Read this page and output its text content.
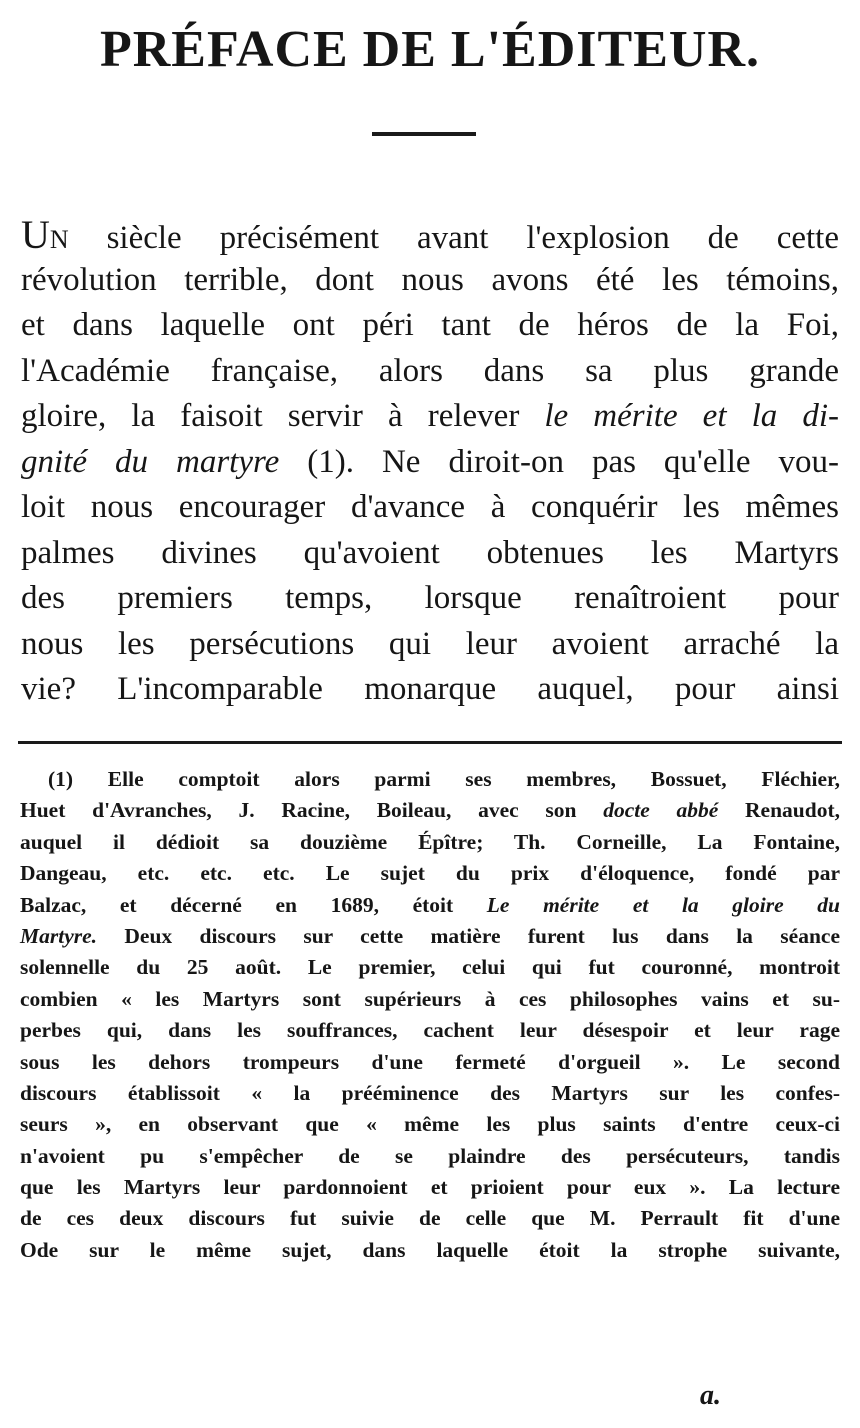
PRÉFACE DE L'ÉDITEUR.
UN siècle précisément avant l'explosion de cette
révolution terrible, dont nous avons été les témoins,
et dans laquelle ont péri tant de héros de la Foi,
l'Académie française, alors dans sa plus grande
gloire, la faisoit servir à relever le mérite et la di-
gnité du martyre (1). Ne diroit-on pas qu'elle vou-
loit nous encourager d'avance à conquérir les mêmes
palmes divines qu'avoient obtenues les Martyrs
des premiers temps, lorsque renaîtroient pour
nous les persécutions qui leur avoient arraché la
vie? L'incomparable monarque auquel, pour ainsi
(1) Elle comptoit alors parmi ses membres, Bossuet, Fléchier,
Huet d'Avranches, J. Racine, Boileau, avec son docte abbé Renaudot,
auquel il dédioit sa douzième Épître; Th. Corneille, La Fontaine,
Dangeau, etc. etc. etc. Le sujet du prix d'éloquence, fondé par
Balzac, et décerné en 1689, étoit Le mérite et la gloire du
Martyre. Deux discours sur cette matière furent lus dans la séance
solennelle du 25 août. Le premier, celui qui fut couronné, montroit
combien « les Martyrs sont supérieurs à ces philosophes vains et su-
perbes qui, dans les souffrances, cachent leur désespoir et leur rage
sous les dehors trompeurs d'une fermeté d'orgueil ». Le second
discours établissoit « la prééminence des Martyrs sur les confes-
seurs », en observant que « même les plus saints d'entre ceux-ci
n'avoient pu s'empêcher de se plaindre des persécuteurs, tandis
que les Martyrs leur pardonnoient et prioient pour eux ». La lecture
de ces deux discours fut suivie de celle que M. Perrault fit d'une
Ode sur le même sujet, dans laquelle étoit la strophe suivante,
a.
